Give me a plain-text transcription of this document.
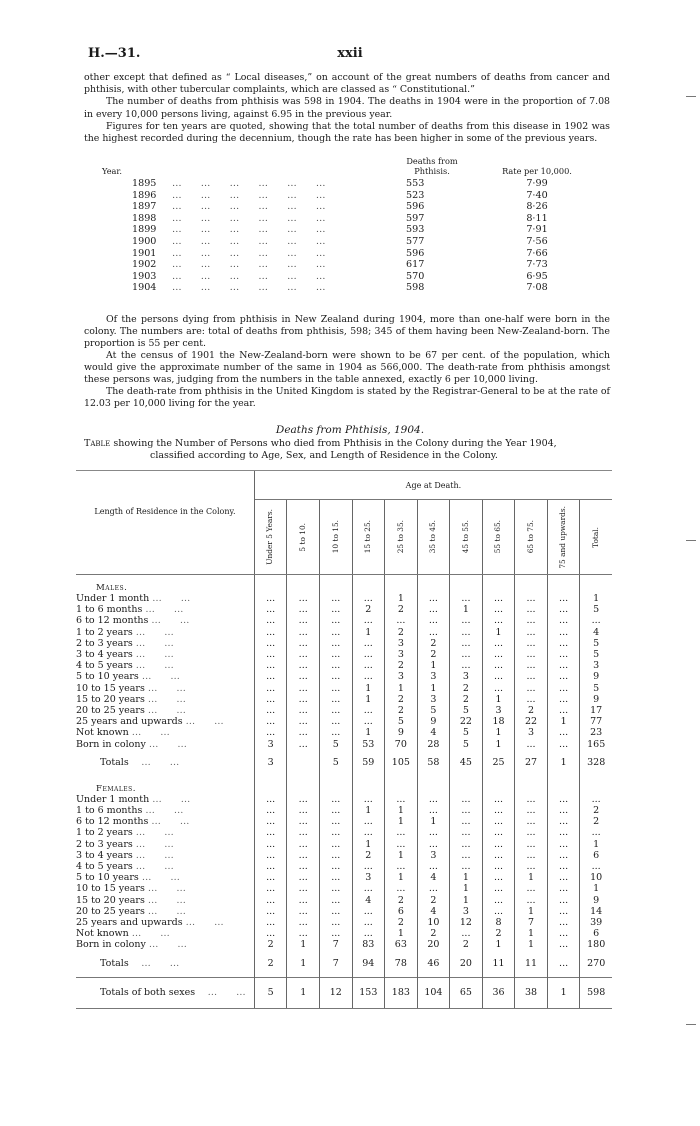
H.—31.	xxii

other except that defined as “ Local diseases,” on account of the great numbers of deaths from cancer and phthisis, with other tubercular complaints, which are classed as “ Constitutional.”

The number of deaths from phthisis was 598 in 1904. The deaths in 1904 were in the proportion of 7.08 in every 10,000 persons living, against 6.95 in the previous year.

Figures for ten years are quoted, showing that the total number of deaths from this disease in 1902 was the highest recorded during the decennium, though the rate has been higher in some of the previous years.

Year.		Deaths from Phthisis.	Rate per 10,000.
1895	…  …  …  …  …  …	553	7·99
1896	…  …  …  …  …  …	523	7·40
1897	…  …  …  …  …  …	596	8·26
1898	…  …  …  …  …  …	597	8·11
1899	…  …  …  …  …  …	593	7·91
1900	…  …  …  …  …  …	577	7·56
1901	…  …  …  …  …  …	596	7·66
1902	…  …  …  …  …  …	617	7·73
1903	…  …  …  …  …  …	570	6·95
1904	…  …  …  …  …  …	598	7·08

Of the persons dying from phthisis in New Zealand during 1904, more than one-half were born in the colony. The numbers are: total of deaths from phthisis, 598; 345 of them having been New-Zealand-born. The proportion is 55 per cent.

At the census of 1901 the New-Zealand-born were shown to be 67 per cent. of the population, which would give the approximate number of the same in 1904 as 566,000. The death-rate from phthisis amongst these persons was, judging from the numbers in the table annexed, exactly 6 per 10,000 living.

The death-rate from phthisis in the United Kingdom is stated by the Registrar-General to be at the rate of 12.03 per 10,000 living for the year.

Deaths from Phthisis, 1904.
Table showing the Number of Persons who died from Phthisis in the Colony during the Year 1904,
classified according to Age, Sex, and Length of Residence in the Colony.
Length of Residence in the Colony.	Age at Death.										

	Under 5 Years.	5 to 10.	10 to 15.	15 to 25.	25 to 35.	35 to 45.	45 to 55.	55 to 65.	65 to 75.	75 and upwards.	Total.

Males.											
Under 1 month …  …	...	...	...	...	1	...	...	...	...	...	1
1 to 6 months …  …	...	...	...	2	2	...	1	...	...	...	5
6 to 12 months …  …	...	...	...	...	...	...	...	...	...	...	...
1 to 2 years …  …	...	...	...	1	2	...	...	1	...	...	4
2 to 3 years …  …	...	...	...	...	3	2	...	...	...	...	5
3 to 4 years …  …	...	...	...	...	3	2	...	...	...	...	5
4 to 5 years …  …	...	...	...	...	2	1	...	...	...	...	3
5 to 10 years …  …	...	...	...	...	3	3	3	...	...	...	9
10 to 15 years …  …	...	...	...	1	1	1	2	...	...	...	5
15 to 20 years …  …	...	...	...	1	2	3	2	1	...	...	9
20 to 25 years …  …	...	...	...	...	2	5	5	3	2	...	17
25 years and upwards …  …	...	...	...	...	5	9	22	18	22	1	77
Not known …  …	...	...	...	1	9	4	5	1	3	...	23
Born in colony …  …	3	...	5	53	70	28	5	1	...	...	165
Totals  …  …	3		5	59	105	58	45	25	27	1	328
Females.											
Under 1 month …  …	...	...	...	...	...	...	...	...	...	...	...
1 to 6 months …  …	...	...	...	1	1	...	...	...	...	...	2
6 to 12 months …  …	...	...	...	...	1	1	...	...	...	...	2
1 to 2 years …  …	...	...	...	...	...	...	...	...	...	...	...
2 to 3 years …  …	...	...	...	1	...	...	...	...	...	...	1
3 to 4 years …  …	...	...	...	2	1	3	...	...	...	...	6
4 to 5 years …  …	...	...	...	...	...	...	...	...	...	...	...
5 to 10 years …  …	...	...	...	3	1	4	1	...	1	...	10
10 to 15 years …  …	...	...	...	...	...	...	1	...	...	...	1
15 to 20 years …  …	...	...	...	4	2	2	1	...	...	...	9
20 to 25 years …  …	...	...	...	...	6	4	3	...	1	...	14
25 years and upwards …  …	...	...	...	...	2	10	12	8	7	...	39
Not known …  …	...	...	...	...	1	2	...	2	1	...	6
Born in colony …  …	2	1	7	83	63	20	2	1	1	...	180
Totals  …  …	2	1	7	94	78	46	20	11	11	...	270
Totals of both sexes  …  …	5	1	12	153	183	104	65	36	38	1	598
